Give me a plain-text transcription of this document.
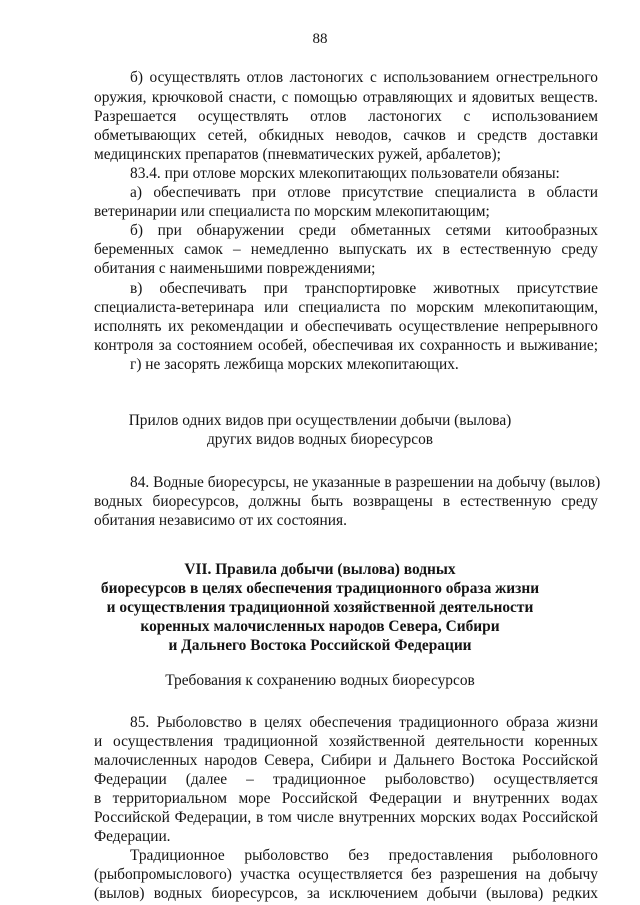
88
б) осуществлять отлов ластоногих с использованием огнестрельного
оружия, крючковой снасти, с помощью отравляющих и ядовитых веществ.
Разрешается осуществлять отлов ластоногих с использованием
обметывающих сетей, обкидных неводов, сачков и средств доставки
медицинских препаратов (пневматических ружей, арбалетов);
83.4. при отлове морских млекопитающих пользователи обязаны:
а) обеспечивать при отлове присутствие специалиста в области
ветеринарии или специалиста по морским млекопитающим;
б) при обнаружении среди обметанных сетями китообразных
беременных самок – немедленно выпускать их в естественную среду
обитания с наименьшими повреждениями;
в) обеспечивать при транспортировке животных присутствие
специалиста-ветеринара или специалиста по морским млекопитающим,
исполнять их рекомендации и обеспечивать осуществление непрерывного
контроля за состоянием особей, обеспечивая их сохранность и выживание;
г) не засорять лежбища морских млекопитающих.
Прилов одних видов при осуществлении добычи (вылова)
других видов водных биоресурсов
84. Водные биоресурсы, не указанные в разрешении на добычу (вылов)
водных биоресурсов, должны быть возвращены в естественную среду
обитания независимо от их состояния.
VII. Правила добычи (вылова) водных
биоресурсов в целях обеспечения традиционного образа жизни
и осуществления традиционной хозяйственной деятельности
коренных малочисленных народов Севера, Сибири
и Дальнего Востока Российской Федерации
Требования к сохранению водных биоресурсов
85. Рыболовство в целях обеспечения традиционного образа жизни
и осуществления традиционной хозяйственной деятельности коренных
малочисленных народов Севера, Сибири и Дальнего Востока Российской
Федерации (далее – традиционное рыболовство) осуществляется
в территориальном море Российской Федерации и внутренних водах
Российской Федерации, в том числе внутренних морских водах Российской
Федерации.
Традиционное рыболовство без предоставления рыболовного
(рыбопромыслового) участка осуществляется без разрешения на добычу
(вылов) водных биоресурсов, за исключением добычи (вылова) редких
